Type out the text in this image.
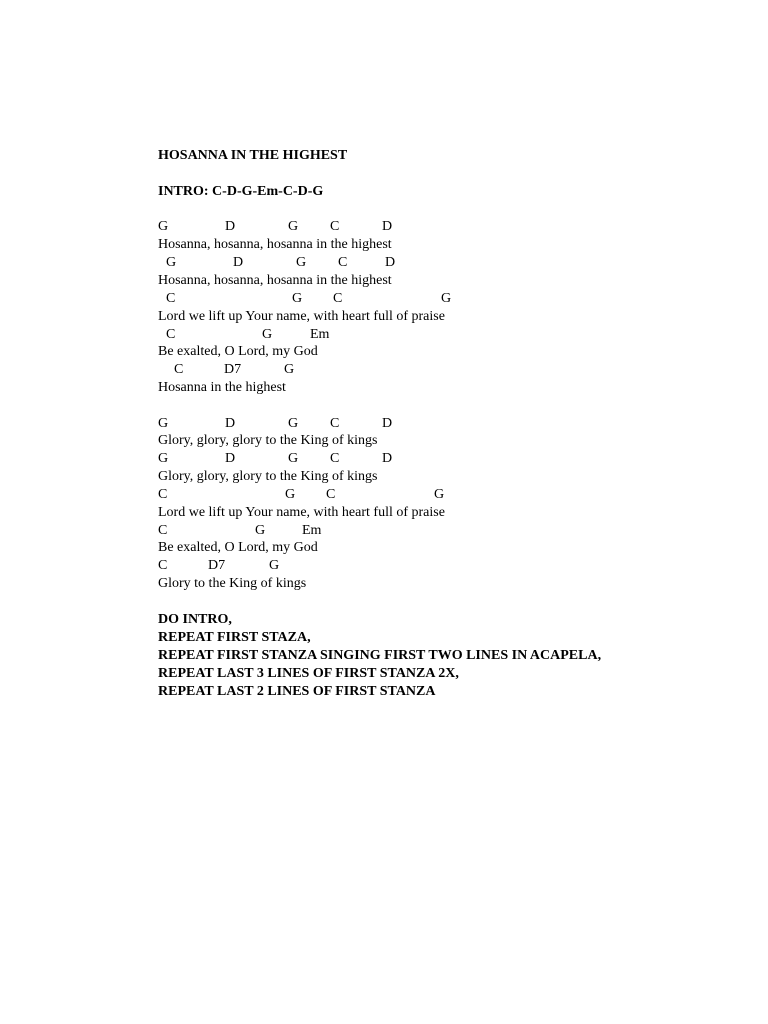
HOSANNA IN THE HIGHEST
INTRO: C-D-G-Em-C-D-G
G	D	G C	D
Hosanna, hosanna, hosanna in the highest
G	D	G C	D
Hosanna, hosanna, hosanna in the highest
C	G C	G
Lord we lift up Your name, with heart full of praise
C	G	Em
Be exalted, O Lord, my God
C	D7	G
Hosanna in the highest
G	D	G C	D
Glory, glory, glory to the King of kings
G	D	G C	D
Glory, glory, glory to the King of kings
C	G C	G
Lord we lift up Your name, with heart full of praise
C	G	Em
Be exalted, O Lord, my God
C	D7	G
Glory to the King of kings
DO INTRO,
REPEAT FIRST STAZA,
REPEAT FIRST STANZA SINGING FIRST TWO LINES IN ACAPELA,
REPEAT LAST 3 LINES OF FIRST STANZA 2X,
REPEAT LAST 2 LINES OF FIRST STANZA
